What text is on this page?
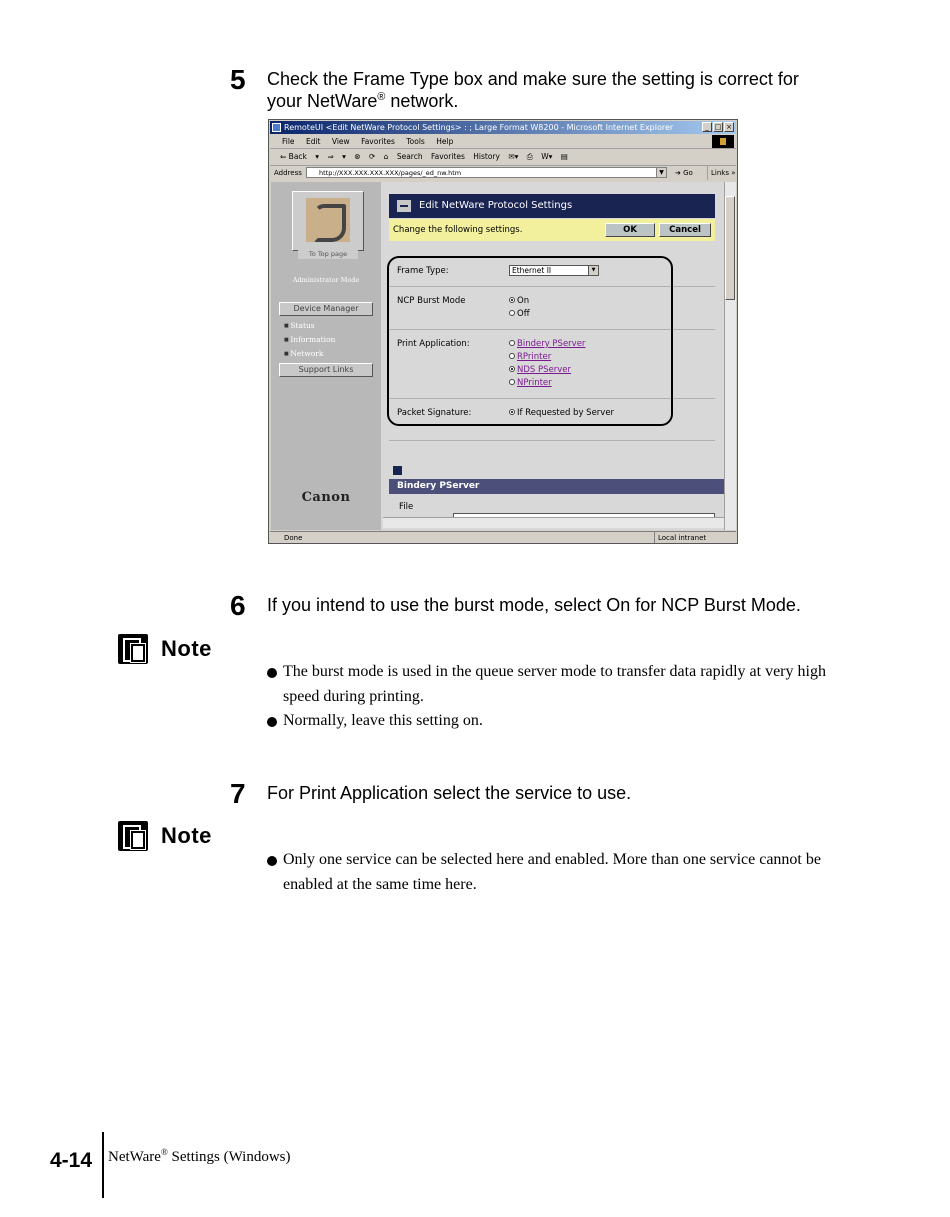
5 Check the Frame Type box and make sure the setting is correct for your NetWare® network.
RemoteUI <Edit NetWare Protocol Settings> : ; Large Format W8200 - Microsoft Internet Explorer	_ □ ×
File Edit View Favorites Tools Help
⇐ Back ▾ ⇒ ▾ ⊗ ⟳ ⌂ Search Favorites History ✉▾ ⎙ W▾ ▤
Address	http://XXX.XXX.XXX.XXX/pages/_ed_nw.htm	▼	➔ Go	Links »
To Top page
Administrator Mode
Device Manager
■ Status
■ Information
■ Network
Support Links
Canon
Edit NetWare Protocol Settings
Change the following settings.	OK	Cancel
Frame Type:	Ethernet II	▼
NCP Burst Mode	On
Off
Print Application:	Bindery PServer
RPrinter
NDS PServer
NPrinter
Packet Signature:	If Requested by Server
Bindery PServer
File
Done	Local intranet
6 If you intend to use the burst mode, select On for NCP Burst Mode.
Note
The burst mode is used in the queue server mode to transfer data rapidly at very high speed during printing.
Normally, leave this setting on.
7 For Print Application select the service to use.
Note
Only one service can be selected here and enabled. More than one service cannot be enabled at the same time here.
4-14 NetWare® Settings (Windows)
